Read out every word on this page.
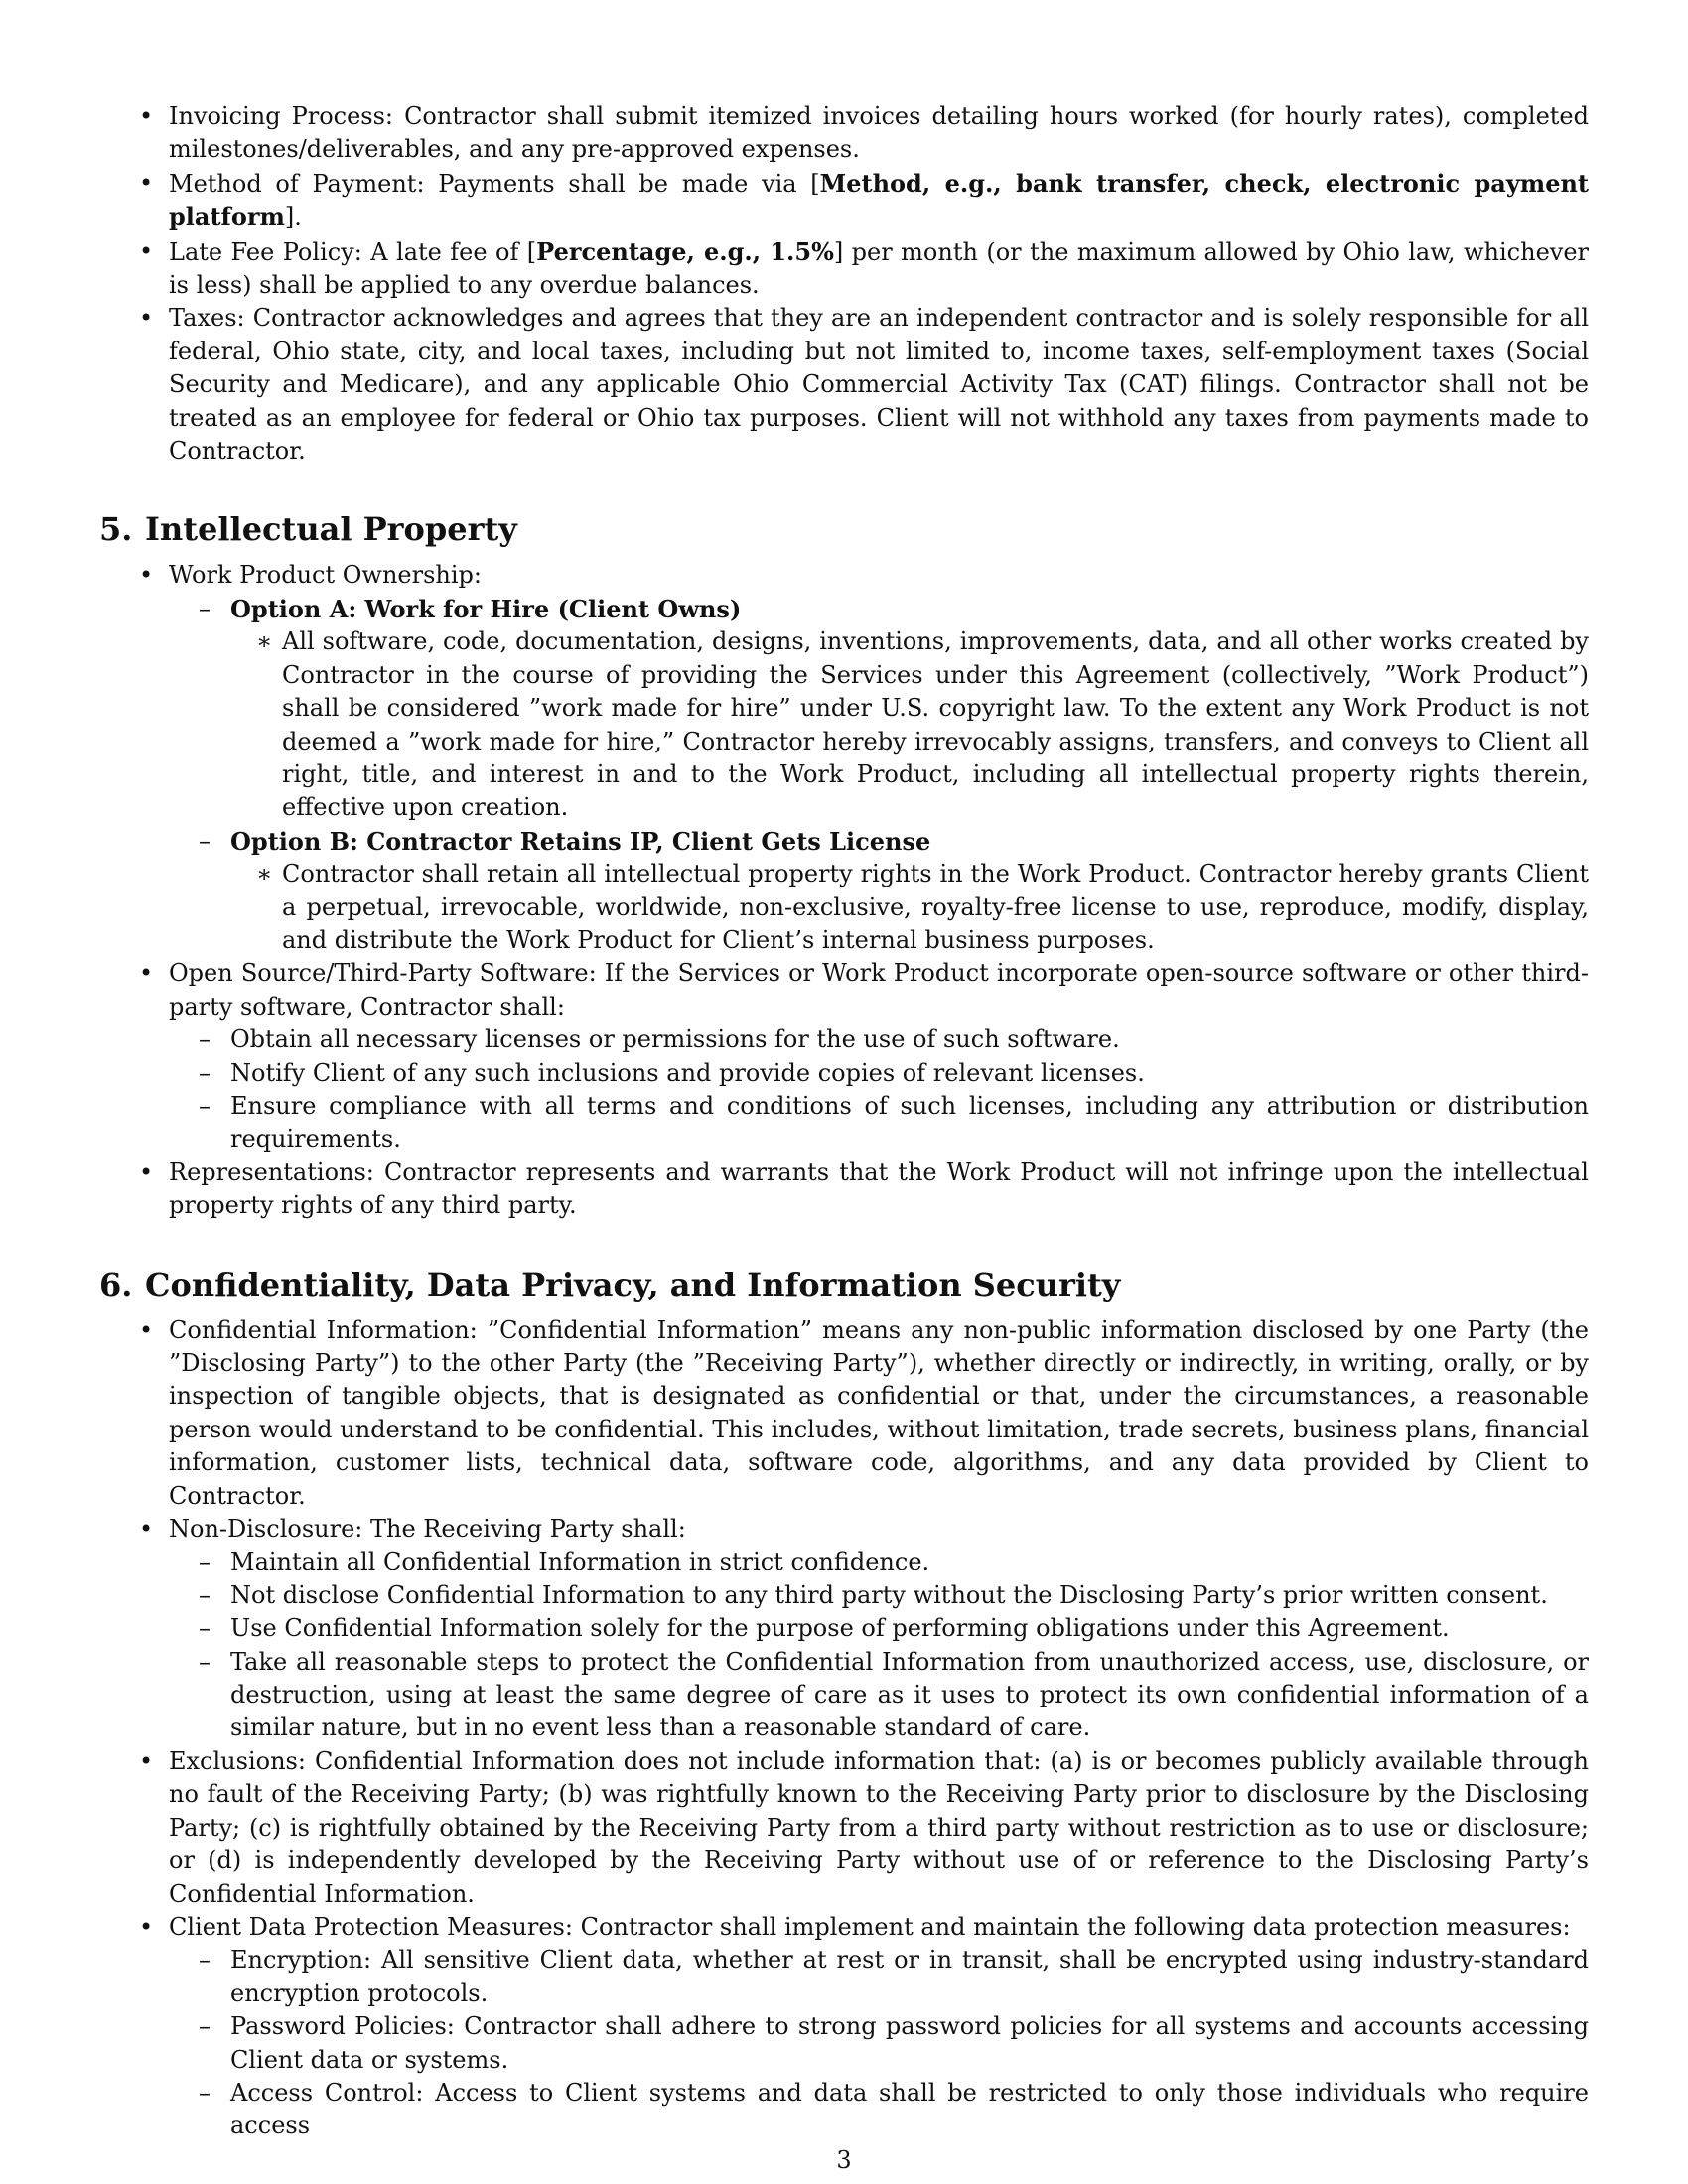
• Invoicing Process: Contractor shall submit itemized invoices detailing hours worked (for hourly rates), completed milestones/deliverables, and any pre-approved expenses.

• Method of Payment: Payments shall be made via [Method, e.g., bank transfer, check, electronic payment platform].

• Late Fee Policy: A late fee of [Percentage, e.g., 1.5%] per month (or the maximum allowed by Ohio law, whichever is less) shall be applied to any overdue balances.

• Taxes: Contractor acknowledges and agrees that they are an independent contractor and is solely responsible for all federal, Ohio state, city, and local taxes, including but not limited to, income taxes, self-employment taxes (Social Security and Medicare), and any applicable Ohio Commercial Activity Tax (CAT) filings. Contractor shall not be treated as an employee for federal or Ohio tax purposes. Client will not withhold any taxes from payments made to Contractor.

5. Intellectual Property

• Work Product Ownership:

– Option A: Work for Hire (Client Owns)

∗ All software, code, documentation, designs, inventions, improvements, data, and all other works created by Contractor in the course of providing the Services under this Agreement (collectively, ”Work Product”) shall be considered ”work made for hire” under U.S. copyright law. To the extent any Work Product is not deemed a ”work made for hire,” Contractor hereby irrevocably assigns, transfers, and conveys to Client all right, title, and interest in and to the Work Product, including all intellectual property rights therein, effective upon creation.

– Option B: Contractor Retains IP, Client Gets License

∗ Contractor shall retain all intellectual property rights in the Work Product. Contractor hereby grants Client a perpetual, irrevocable, worldwide, non-exclusive, royalty-free license to use, reproduce, modify, display, and distribute the Work Product for Client’s internal business purposes.

• Open Source/Third-Party Software: If the Services or Work Product incorporate open-source software or other third-party software, Contractor shall:

– Obtain all necessary licenses or permissions for the use of such software.

– Notify Client of any such inclusions and provide copies of relevant licenses.

– Ensure compliance with all terms and conditions of such licenses, including any attribution or distribution requirements.

• Representations: Contractor represents and warrants that the Work Product will not infringe upon the intellectual property rights of any third party.

6. Confidentiality, Data Privacy, and Information Security

• Confidential Information: ”Confidential Information” means any non-public information disclosed by one Party (the ”Disclosing Party”) to the other Party (the ”Receiving Party”), whether directly or indirectly, in writing, orally, or by inspection of tangible objects, that is designated as confidential or that, under the circumstances, a reasonable person would understand to be confidential. This includes, without limitation, trade secrets, business plans, financial information, customer lists, technical data, software code, algorithms, and any data provided by Client to Contractor.

• Non-Disclosure: The Receiving Party shall:

– Maintain all Confidential Information in strict confidence.

– Not disclose Confidential Information to any third party without the Disclosing Party’s prior written consent.

– Use Confidential Information solely for the purpose of performing obligations under this Agreement.

– Take all reasonable steps to protect the Confidential Information from unauthorized access, use, disclosure, or destruction, using at least the same degree of care as it uses to protect its own confidential information of a similar nature, but in no event less than a reasonable standard of care.

• Exclusions: Confidential Information does not include information that: (a) is or becomes publicly available through no fault of the Receiving Party; (b) was rightfully known to the Receiving Party prior to disclosure by the Disclosing Party; (c) is rightfully obtained by the Receiving Party from a third party without restriction as to use or disclosure; or (d) is independently developed by the Receiving Party without use of or reference to the Disclosing Party’s Confidential Information.

• Client Data Protection Measures: Contractor shall implement and maintain the following data protection measures:

– Encryption: All sensitive Client data, whether at rest or in transit, shall be encrypted using industry-standard encryption protocols.

– Password Policies: Contractor shall adhere to strong password policies for all systems and accounts accessing Client data or systems.

– Access Control: Access to Client systems and data shall be restricted to only those individuals who require access

3
